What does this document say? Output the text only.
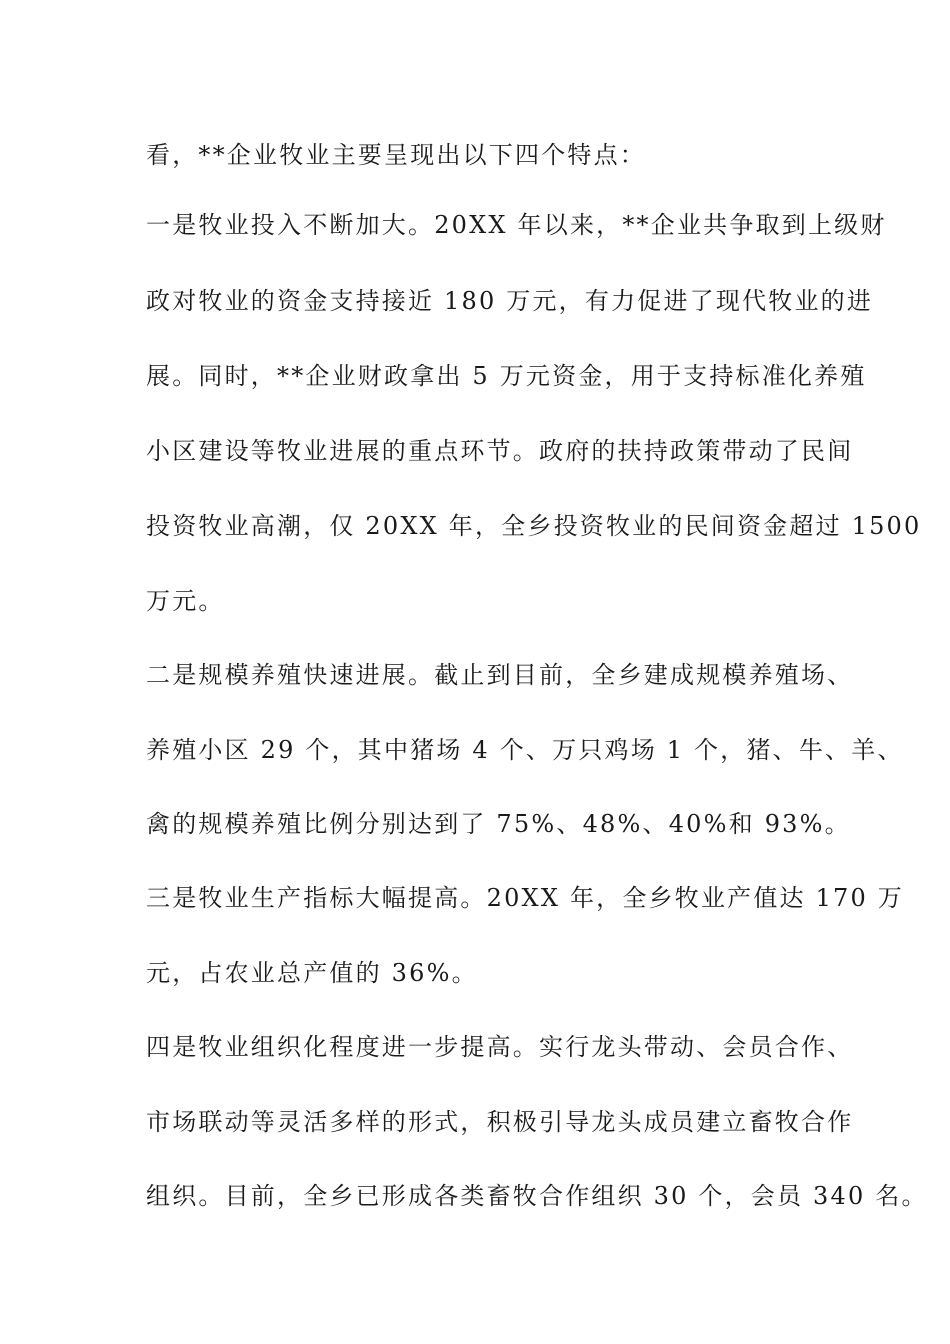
看，**企业牧业主要呈现出以下四个特点：

一是牧业投入不断加大。20XX 年以来，**企业共争取到上级财

政对牧业的资金支持接近 180 万元，有力促进了现代牧业的进

展。同时，**企业财政拿出 5 万元资金，用于支持标准化养殖

小区建设等牧业进展的重点环节。政府的扶持政策带动了民间

投资牧业高潮，仅 20XX 年，全乡投资牧业的民间资金超过 1500

万元。

二是规模养殖快速进展。截止到目前，全乡建成规模养殖场、

养殖小区 29 个，其中猪场 4 个、万只鸡场 1 个，猪、牛、羊、

禽的规模养殖比例分别达到了 75%、48%、40%和 93%。

三是牧业生产指标大幅提高。20XX 年，全乡牧业产值达 170 万

元，占农业总产值的 36%。

四是牧业组织化程度进一步提高。实行龙头带动、会员合作、

市场联动等灵活多样的形式，积极引导龙头成员建立畜牧合作

组织。目前，全乡已形成各类畜牧合作组织 30 个，会员 340 名。
